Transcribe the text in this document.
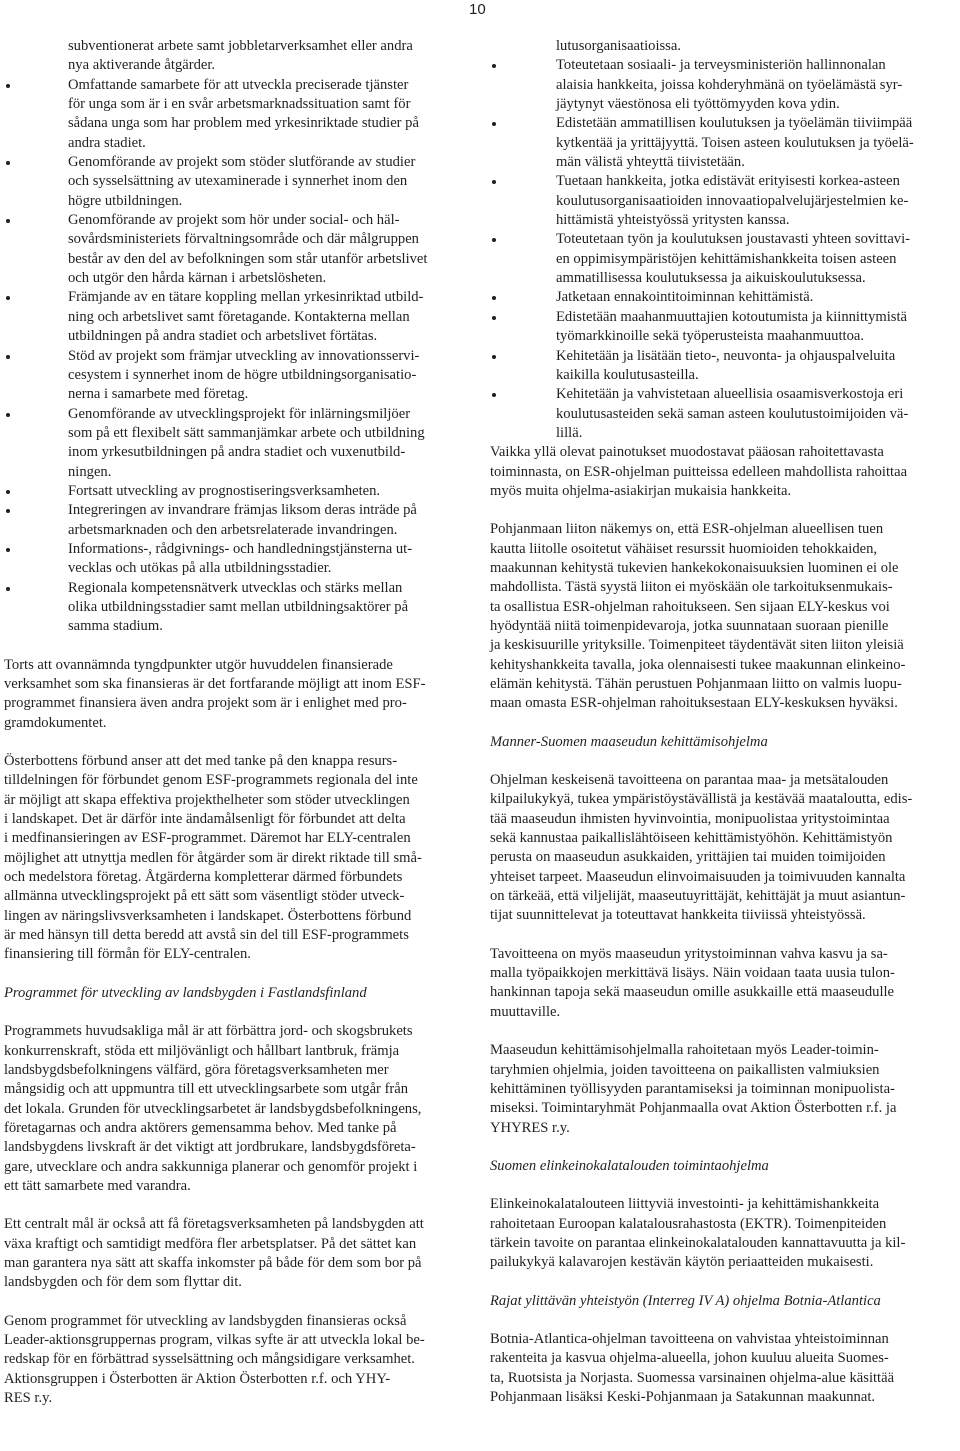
10
subventionerat arbete samt jobbletarverksamhet eller andra
nya aktiverande åtgärder.
Omfattande samarbete för att utveckla preciserade tjänster
för unga som är i en svår arbetsmarknadssituation samt för
sådana unga som har problem med yrkesinriktade studier på
andra stadiet.
Genomförande av projekt som stöder slutförande av studier
och sysselsättning av utexaminerade i synnerhet inom den
högre utbildningen.
Genomförande av projekt som hör under social- och häl-
sovårdsministeriets förvaltningsområde och där målgruppen
består av den del av befolkningen som står utanför arbetslivet
och utgör den hårda kärnan i arbetslösheten.
Främjande av en tätare koppling mellan yrkesinriktad utbild-
ning och arbetslivet samt företagande. Kontakterna mellan
utbildningen på andra stadiet och arbetslivet förtätas.
Stöd av projekt som främjar utveckling av innovationsservi-
cesystem i synnerhet inom de högre utbildningsorganisatio-
nerna i samarbete med företag.
Genomförande av utvecklingsprojekt för inlärningsmiljöer
som på ett flexibelt sätt sammanjämkar arbete och utbildning
inom yrkesutbildningen på andra stadiet och vuxenutbild-
ningen.
Fortsatt utveckling av prognostiseringsverksamheten.
Integreringen av invandrare främjas liksom deras inträde på
arbetsmarknaden och den arbetsrelaterade invandringen.
Informations-, rådgivnings- och handledningstjänsterna ut-
vecklas och utökas på alla utbildningsstadier.
Regionala kompetensnätverk utvecklas och stärks mellan
olika utbildningsstadier samt mellan utbildningsaktörer på
samma stadium.

Torts att ovannämnda tyngdpunkter utgör huvuddelen finansierade
verksamhet som ska finansieras är det fortfarande möjligt att inom ESF-
programmet finansiera även andra projekt som är i enlighet med pro-
gramdokumentet.

Österbottens förbund anser att det med tanke på den knappa resurs-
tilldelningen för förbundet genom ESF-programmets regionala del inte
är möjligt att skapa effektiva projekthelheter som stöder utvecklingen
i landskapet. Det är därför inte ändamålsenligt för förbundet att delta
i medfinansieringen av ESF-programmet. Däremot har ELY-centralen
möjlighet att utnyttja medlen för åtgärder som är direkt riktade till små-
och medelstora företag. Åtgärderna kompletterar därmed förbundets
allmänna utvecklingsprojekt på ett sätt som väsentligt stöder utveck-
lingen av näringslivsverksamheten i landskapet. Österbottens förbund
är med hänsyn till detta beredd att avstå sin del till ESF-programmets
finansiering till förmån för ELY-centralen.

Programmet för utveckling av landsbygden i Fastlandsfinland

Programmets huvudsakliga mål är att förbättra jord- och skogsbrukets
konkurrenskraft, stöda ett miljövänligt och hållbart lantbruk, främja
landsbygdsbefolkningens välfärd, göra företagsverksamheten mer
mångsidig och att uppmuntra till ett utvecklingsarbete som utgår från
det lokala. Grunden för utvecklingsarbetet är landsbygdsbefolkningens,
företagarnas och andra aktörers gemensamma behov. Med tanke på
landsbygdens livskraft är det viktigt att jordbrukare, landsbygdsföreta-
gare, utvecklare och andra sakkunniga planerar och genomför projekt i
ett tätt samarbete med varandra.

Ett centralt mål är också att få företagsverksamheten på landsbygden att
växa kraftigt och samtidigt medföra fler arbetsplatser. På det sättet kan
man garantera nya sätt att skaffa inkomster på både för dem som bor på
landsbygden och för dem som flyttar dit.

Genom programmet för utveckling av landsbygden finansieras också
Leader-aktionsgruppernas program, vilkas syfte är att utveckla lokal be-
redskap för en förbättrad sysselsättning och mångsidigare verksamhet.
Aktionsgruppen i Österbotten är Aktion Österbotten r.f. och YHY-
RES r.y.

lutusorganisaatioissa.
Toteutetaan sosiaali- ja terveysministeriön hallinnonalan
alaisia hankkeita, joissa kohderyhmänä on työelämästä syr-
jäytynyt väestönosa eli työttömyyden kova ydin.
Edistetään ammatillisen koulutuksen ja työelämän tiiviimpää
kytkentää ja yrittäjyyttä. Toisen asteen koulutuksen ja työelä-
män välistä yhteyttä tiivistetään.
Tuetaan hankkeita, jotka edistävät erityisesti korkea-asteen
koulutusorganisaatioiden innovaatiopalvelujärjestelmien ke-
hittämistä yhteistyössä yritysten kanssa.
Toteutetaan työn ja koulutuksen joustavasti yhteen sovittavi-
en oppimisympäristöjen kehittämishankkeita toisen asteen
ammatillisessa koulutuksessa ja aikuiskoulutuksessa.
Jatketaan ennakointitoiminnan kehittämistä.
Edistetään maahanmuuttajien kotoutumista ja kiinnittymistä
työmarkkinoille sekä työperusteista maahanmuuttoa.
Kehitetään ja lisätään tieto-, neuvonta- ja ohjauspalveluita
kaikilla koulutusasteilla.
Kehitetään ja vahvistetaan alueellisia osaamisverkostoja eri
koulutusasteiden sekä saman asteen koulutustoimijoiden vä-
lillä.

Vaikka yllä olevat painotukset muodostavat pääosan rahoitettavasta
toiminnasta, on ESR-ohjelman puitteissa edelleen mahdollista rahoittaa
myös muita ohjelma-asiakirjan mukaisia hankkeita.

Pohjanmaan liiton näkemys on, että ESR-ohjelman alueellisen tuen
kautta liitolle osoitetut vähäiset resurssit huomioiden tehokkaiden,
maakunnan kehitystä tukevien hankekokonaisuuksien luominen ei ole
mahdollista. Tästä syystä liiton ei myöskään ole tarkoituksenmukais-
ta osallistua ESR-ohjelman rahoitukseen. Sen sijaan ELY-keskus voi
hyödyntää niitä toimenpidevaroja, jotka suunnataan suoraan pienille
ja keskisuurille yrityksille. Toimenpiteet täydentävät siten liiton yleisiä
kehityshankkeita tavalla, joka olennaisesti tukee maakunnan elinkeino-
elämän kehitystä. Tähän perustuen Pohjanmaan liitto on valmis luopu-
maan omasta ESR-ohjelman rahoituksestaan ELY-keskuksen hyväksi.

Manner-Suomen maaseudun kehittämisohjelma

Ohjelman keskeisenä tavoitteena on parantaa maa- ja metsätalouden
kilpailukykyä, tukea ympäristöystävällistä ja kestävää maataloutta, edis-
tää maaseudun ihmisten hyvinvointia, monipuolistaa yritystoimintaa
sekä kannustaa paikallislähtöiseen kehittämistyöhön. Kehittämistyön
perusta on maaseudun asukkaiden, yrittäjien tai muiden toimijoiden
yhteiset tarpeet. Maaseudun elinvoimaisuuden ja toimivuuden kannalta
on tärkeää, että viljelijät, maaseutuyrittäjät, kehittäjät ja muut asiantun-
tijat suunnittelevat ja toteuttavat hankkeita tiiviissä yhteistyössä.

Tavoitteena on myös maaseudun yritystoiminnan vahva kasvu ja sa-
malla työpaikkojen merkittävä lisäys. Näin voidaan taata uusia tulon-
hankinnan tapoja sekä maaseudun omille asukkaille että maaseudulle
muuttaville.

Maaseudun kehittämisohjelmalla rahoitetaan myös Leader-toimin-
taryhmien ohjelmia, joiden tavoitteena on paikallisten valmiuksien
kehittäminen työllisyyden parantamiseksi ja toiminnan monipuolista-
miseksi. Toimintaryhmät Pohjanmaalla ovat Aktion Österbotten r.f. ja
YHYRES r.y.

Suomen elinkeinokalatalouden toimintaohjelma

Elinkeinokalatalouteen liittyviä investointi- ja kehittämishankkeita
rahoitetaan Euroopan kalatalousrahastosta (EKTR). Toimenpiteiden
tärkein tavoite on parantaa elinkeinokalatalouden kannattavuutta ja kil-
pailukykyä kalavarojen kestävän käytön periaatteiden mukaisesti.

Rajat ylittävän yhteistyön (Interreg IV A) ohjelma Botnia-Atlantica

Botnia-Atlantica-ohjelman tavoitteena on vahvistaa yhteistoiminnan
rakenteita ja kasvua ohjelma-alueella, johon kuuluu alueita Suomes-
ta, Ruotsista ja Norjasta. Suomessa varsinainen ohjelma-alue käsittää
Pohjanmaan lisäksi Keski-Pohjanmaan ja Satakunnan maakunnat.
